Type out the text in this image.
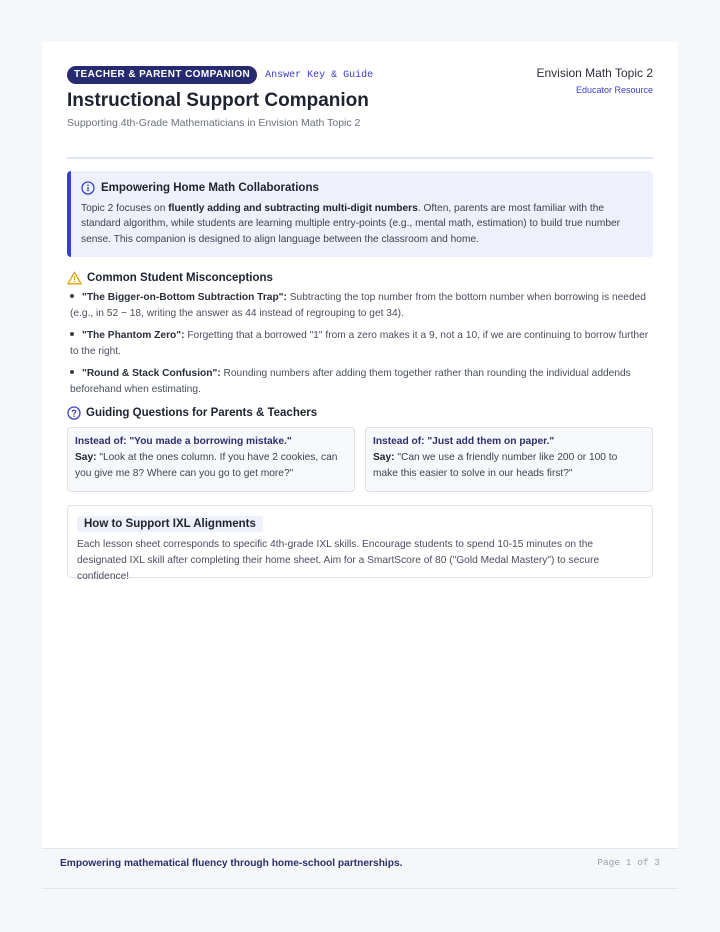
TEACHER & PARENT COMPANION	Answer Key & Guide	Envision Math Topic 2
Educator Resource
Instructional Support Companion
Supporting 4th-Grade Mathematicians in Envision Math Topic 2
Empowering Home Math Collaborations
Topic 2 focuses on fluently adding and subtracting multi-digit numbers. Often, parents are most familiar with the standard algorithm, while students are learning multiple entry-points (e.g., mental math, estimation) to build true number sense. This companion is designed to align language between the classroom and home.
Common Student Misconceptions
"The Bigger-on-Bottom Subtraction Trap": Subtracting the top number from the bottom number when borrowing is needed (e.g., in 52 − 18, writing the answer as 44 instead of regrouping to get 34).
"The Phantom Zero": Forgetting that a borrowed "1" from a zero makes it a 9, not a 10, if we are continuing to borrow further to the right.
"Round & Stack Confusion": Rounding numbers after adding them together rather than rounding the individual addends beforehand when estimating.
Guiding Questions for Parents & Teachers
Instead of: "You made a borrowing mistake."
Say: "Look at the ones column. If you have 2 cookies, can you give me 8? Where can you go to get more?"
Instead of: "Just add them on paper."
Say: "Can we use a friendly number like 200 or 100 to make this easier to solve in our heads first?"
How to Support IXL Alignments
Each lesson sheet corresponds to specific 4th-grade IXL skills. Encourage students to spend 10-15 minutes on the designated IXL skill after completing their home sheet. Aim for a SmartScore of 80 ("Gold Medal Mastery") to secure confidence!
Empowering mathematical fluency through home-school partnerships.	Page 1 of 3
